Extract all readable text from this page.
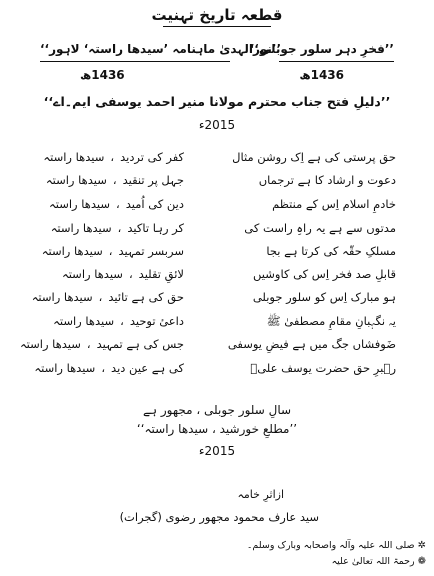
قطعہ تاریخ تہنیت
’’فخرِ دہر سلور جوبلی‘‘
1436ھ
’’نورالہدیٰ ماہنامہ ’سیدھا راستہ‘ لاہور‘‘
1436ھ
’’دلیلِ فتح جناب محترم مولانا منیر احمد یوسفی ایم۔اے‘‘
2015ء
حق پرستی کی ہے اِک روشن مثال
دعوت و ارشاد کا ہے ترجماں
خادمِ اسلام اِس کے منتظم
مدتوں سے ہے یہ راہِ راست کی
مسلکِ حقّہ کی کرتا ہے بجا
قابلِ صد فخر اِس کی کاوشیں
ہو مبارک اِس کو سلور جوبلی
یہ نگہبانِ مقامِ مصطفیٰ ﷺ
ضَوفشاں جگ میں ہے فیضِ یوسفی
رہبرِ حق حضرت یوسف علیؑ
کفر کی تردید،سیدھا راستہ
جہل پر تنقید،سیدھا راستہ
دین کی اُمید،سیدھا راستہ
کر رہا تاکید،سیدھا راستہ
سربسر تمہید،سیدھا راستہ
لائقِ تقلید،سیدھا راستہ
حق کی ہے تائید،سیدھا راستہ
داعیٔ توحید،سیدھا راستہ
جس کی ہے تمہید،سیدھا راستہ
کی ہے عین دید،سیدھا راستہ
سالِ سلور جوبلی ، مجھور ہے
’’مطلعِ خورشید ، سیدھا راستہ‘‘
2015ء
ازاثرِ خامہ
سید عارف محمود مجھور رضوی (گجرات)
✲صلی اللہ علیہ وآلہ واصحابہ وبارک وسلم۔
❁رحمۃ اللہ تعالیٰ علیہ
